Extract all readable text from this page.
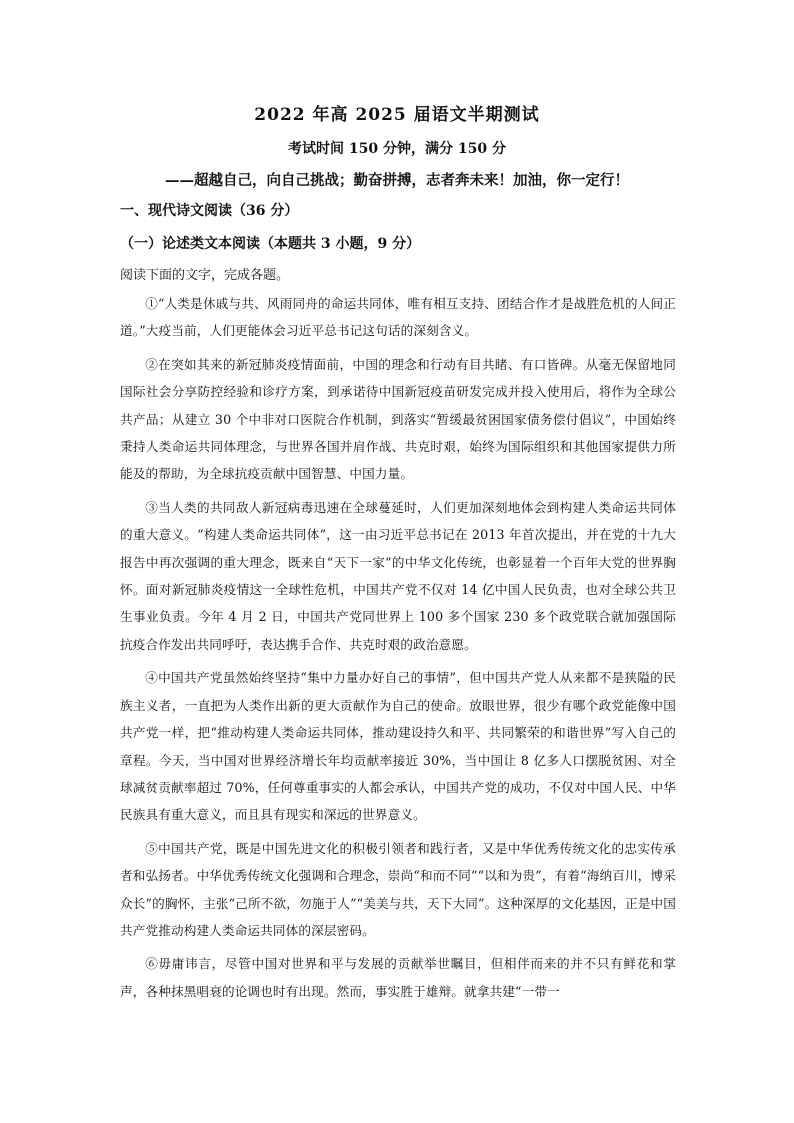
2022 年高 2025 届语文半期测试
考试时间 150 分钟，满分 150 分
——超越自己，向自己挑战；勤奋拼搏，志者奔未来！加油，你一定行！
一、现代诗文阅读（36 分）
（一）论述类文本阅读（本题共 3 小题，9 分）
阅读下面的文字，完成各题。

①“人类是休戚与共、风雨同舟的命运共同体，唯有相互支持、团结合作才是战胜危机的人间正道。”大疫当前，人们更能体会习近平总书记这句话的深刻含义。

②在突如其来的新冠肺炎疫情面前，中国的理念和行动有目共睹、有口皆碑。从毫无保留地同国际社会分享防控经验和诊疗方案，到承诺待中国新冠疫苗研发完成并投入使用后，将作为全球公共产品；从建立 30 个中非对口医院合作机制，到落实“暂缓最贫困国家债务偿付倡议”，中国始终秉持人类命运共同体理念，与世界各国并肩作战、共克时艰，始终为国际组织和其他国家提供力所能及的帮助，为全球抗疫贡献中国智慧、中国力量。

③当人类的共同敌人新冠病毒迅速在全球蔓延时，人们更加深刻地体会到构建人类命运共同体的重大意义。“构建人类命运共同体”，这一由习近平总书记在 2013 年首次提出，并在党的十九大报告中再次强调的重大理念，既来自“天下一家”的中华文化传统，也彰显着一个百年大党的世界胸怀。面对新冠肺炎疫情这一全球性危机，中国共产党不仅对 14 亿中国人民负责，也对全球公共卫生事业负责。今年 4 月 2 日，中国共产党同世界上 100 多个国家 230 多个政党联合就加强国际抗疫合作发出共同呼吁，表达携手合作、共克时艰的政治意愿。

④中国共产党虽然始终坚持“集中力量办好自己的事情”，但中国共产党人从来都不是狭隘的民族主义者，一直把为人类作出新的更大贡献作为自己的使命。放眼世界，很少有哪个政党能像中国共产党一样，把“推动构建人类命运共同体，推动建设持久和平、共同繁荣的和谐世界”写入自己的章程。今天，当中国对世界经济增长年均贡献率接近 30%，当中国让 8 亿多人口摆脱贫困、对全球减贫贡献率超过 70%，任何尊重事实的人都会承认，中国共产党的成功，不仅对中国人民、中华民族具有重大意义，而且具有现实和深远的世界意义。

⑤中国共产党，既是中国先进文化的积极引领者和践行者，又是中华优秀传统文化的忠实传承者和弘扬者。中华优秀传统文化强调和合理念，崇尚“和而不同”“以和为贵”，有着“海纳百川，博采众长”的胸怀，主张“己所不欲，勿施于人”“美美与共，天下大同”。这种深厚的文化基因，正是中国共产党推动构建人类命运共同体的深层密码。

⑥毋庸讳言，尽管中国对世界和平与发展的贡献举世瞩目，但相伴而来的并不只有鲜花和掌声，各种抹黑唱衰的论调也时有出现。然而，事实胜于雄辩。就拿共建“一带一
